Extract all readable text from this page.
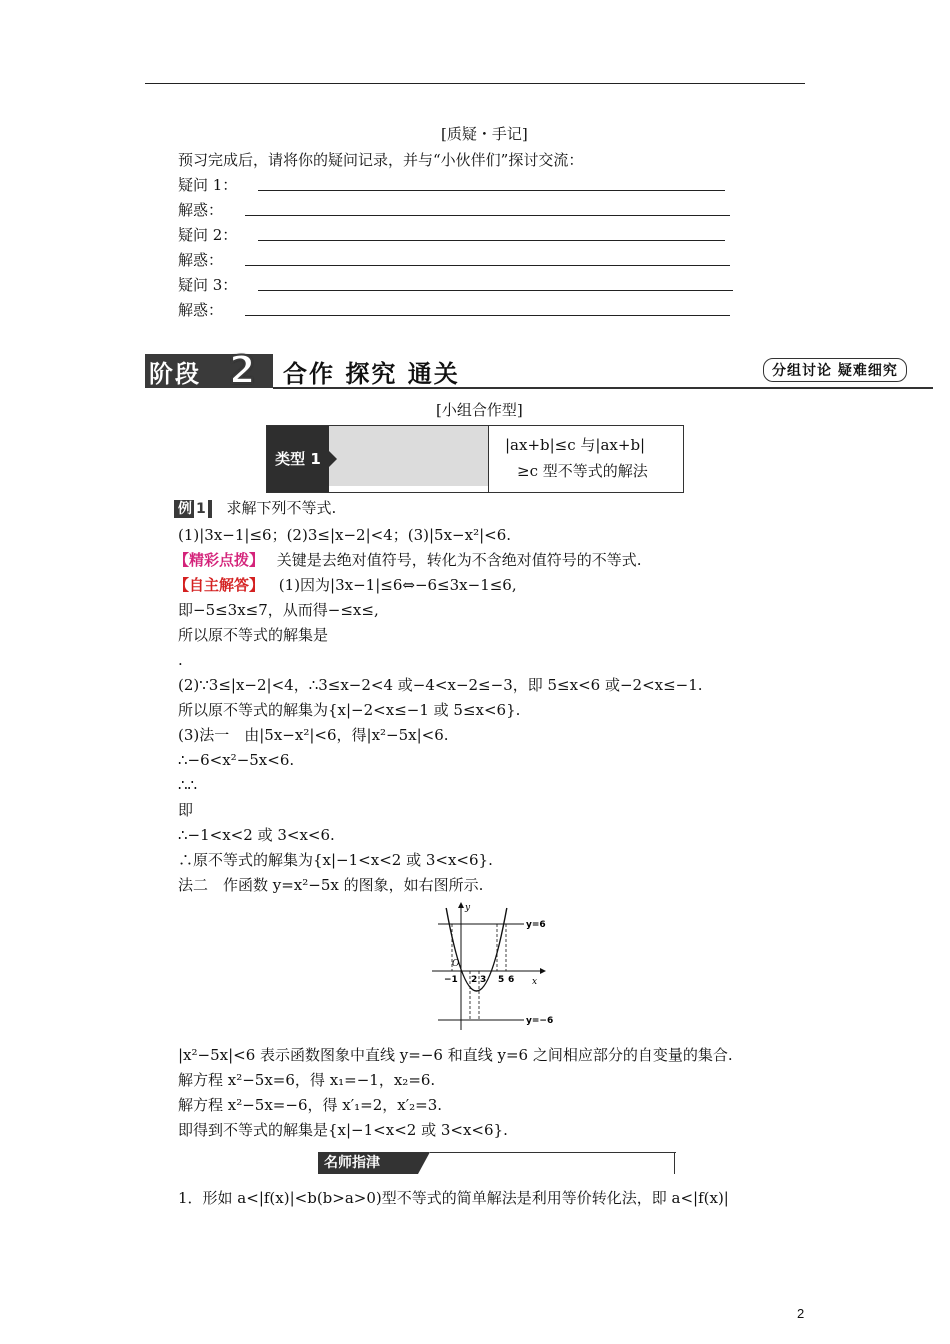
[质疑・手记]
预习完成后，请将你的疑问记录，并与“小伙伴们”探讨交流：
疑问 1：
解惑：
疑问 2：
解惑：
疑问 3：
解惑：
阶段 2 合作 探究 通关	分组讨论 疑难细究
[小组合作型]
类型 1
|ax+b|≤c 与|ax+b|
≥c 型不等式的解法
例 1 求解下列不等式.
(1)|3x−1|≤6；(2)3≤|x−2|<4；(3)|5x−x²|<6.
【精彩点拨】 关键是去绝对值符号，转化为不含绝对值符号的不等式.
【自主解答】 (1)因为|3x−1|≤6⇔−6≤3x−1≤6,
即−5≤3x≤7，从而得−≤x≤,
所以原不等式的解集是
.
(2)∵3≤|x−2|<4，∴3≤x−2<4 或−4<x−2≤−3，即 5≤x<6 或−2<x≤−1.
所以原不等式的解集为{x|−2<x≤−1 或 5≤x<6}.
(3)法一　由|5x−x²|<6，得|x²−5x|<6.
∴−6<x²−5x<6.
∴∴
即
∴−1<x<2 或 3<x<6.
∴原不等式的解集为{x|−1<x<2 或 3<x<6}.
法二　作函数 y=x²−5x 的图象，如右图所示.
y
x
O
y=6
y=−6
−1 2 3 5 6
|x²−5x|<6 表示函数图象中直线 y=−6 和直线 y=6 之间相应部分的自变量的集合.
解方程 x²−5x=6，得 x₁=−1，x₂=6.
解方程 x²−5x=−6，得 x′₁=2，x′₂=3.
即得到不等式的解集是{x|−1<x<2 或 3<x<6}.
名师指津
1．形如 a<|f(x)|<b(b>a>0)型不等式的简单解法是利用等价转化法，即 a<|f(x)|
2
